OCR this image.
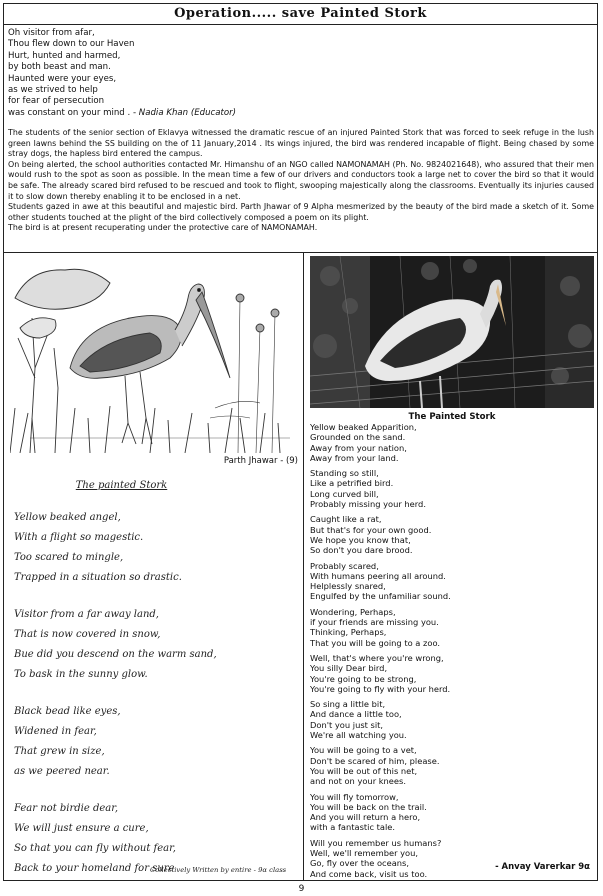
Operation..... save Painted Stork
Oh visitor from afar,
Thou flew down to our Haven
Hurt, hunted and harmed,
by both beast and man.
Haunted were your eyes,
as we strived to help
for fear of persecution
was constant on your mind . - Nadia Khan (Educator)

The students of the senior section of Eklavya witnessed the dramatic rescue of an injured Painted Stork that was forced to seek refuge in the lush green lawns behind the SS building on the of 11 January,2014 . Its wings injured, the bird was rendered incapable of flight. Being chased by some stray dogs, the hapless bird entered the campus.

On being alerted, the school authorities contacted Mr. Himanshu of an NGO called NAMONAMAH (Ph. No. 9824021648), who assured that their men would rush to the spot as soon as possible. In the mean time a few of our drivers and conductors took a large net to cover the bird so that it would be safe. The already scared bird refused to be rescued and took to flight, swooping majestically along the classrooms. Eventually its injuries caused it to slow down thereby enabling it to be enclosed in a net.

Students gazed in awe at this beautiful and majestic bird. Parth Jhawar of 9 Alpha mesmerized by the beauty of the bird made a sketch of it. Some other students touched at the plight of the bird collectively composed a poem on its plight.

The bird is at present recuperating under the protective care of NAMONAMAH.

Parth Jhawar - (9)
The Painted Stork
The painted Stork
Yellow beaked angel,
With a flight so magestic.
Too scared to mingle,
Trapped in a situation so drastic.
Visitor from a far away land,
That is now covered in snow,
Bue did you descend on the warm sand,
To bask in the sunny glow.
Black bead like eyes,
Widened in fear,
That grew in size,
as we peered near.
Fear not birdie dear,
We will just ensure a cure,
So that you can fly without fear,
Back to your homeland for sure
Collectively Written by entire - 9α class
Yellow beaked Apparition,
Grounded on the sand.
Away from your nation,
Away from your land.
Standing so still,
Like a petrified bird.
Long curved bill,
Probably missing your herd.
Caught like a rat,
But that's for your own good.
We hope you know that,
So don't you dare brood.
Probably scared,
With humans peering all around.
Helplessly snared,
Engulfed by the unfamiliar sound.
Wondering, Perhaps,
if your friends are missing you.
Thinking, Perhaps,
That you will be going to a zoo.
Well, that's where you're wrong,
You silly Dear bird,
You're going to be strong,
You're going to fly with your herd.
So sing a little bit,
And dance a little too,
Don't you just sit,
We're all watching you.
You will be going to a vet,
Don't be scared of him, please.
You will be out of this net,
and not on your knees.
You will fly tomorrow,
You will be back on the trail.
And you will return a hero,
with a fantastic tale.
Will you remember us humans?
Well, we'll remember you,
Go, fly over the oceans,
And come back, visit us too.
- Anvay Varerkar 9α
9
